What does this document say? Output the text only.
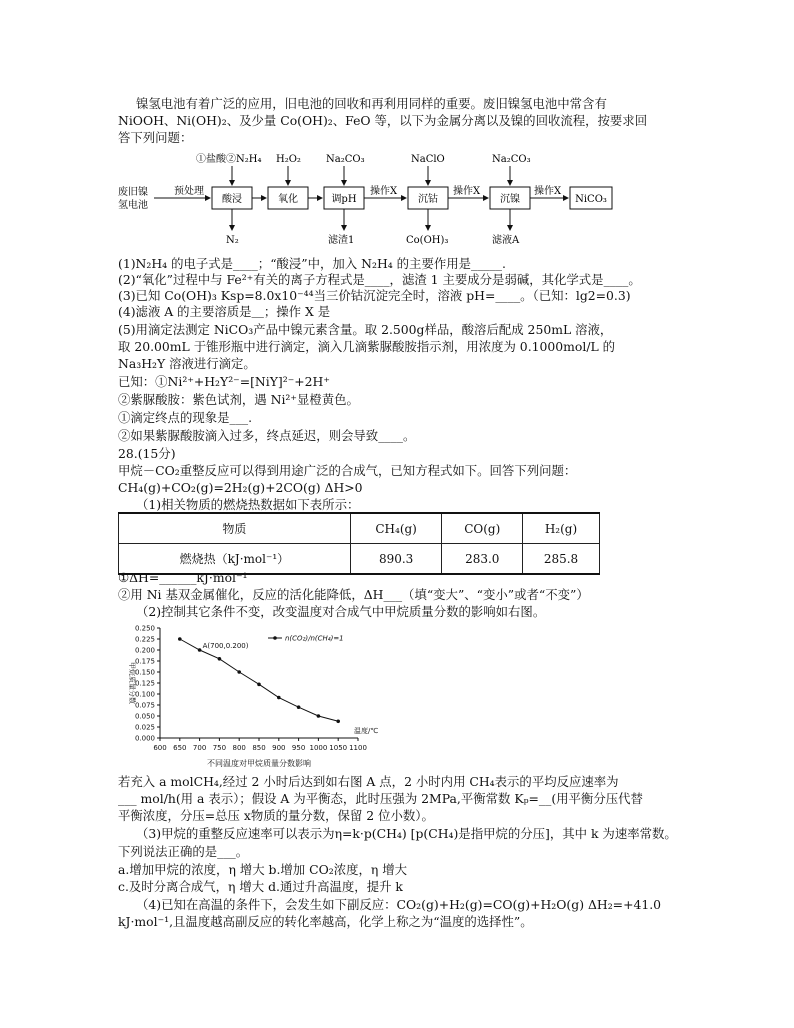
镍氢电池有着广泛的应用，旧电池的回收和再利用同样的重要。废旧镍氢电池中常含有
NiOOH、Ni(OH)₂、及少量 Co(OH)₂、FeO 等，以下为金属分离以及镍的回收流程，按要求回
答下列问题：
废旧镍
氢电池
预处理
酸浸	氧化	调pH
操作X
沉钴
操作X
沉镍
操作X
NiCO₃
①盐酸②N₂H₄ H₂O₂	Na₂CO₃	NaClO	Na₂CO₃
N₂	滤渣1	Co(OH)₃	滤液A
(1)N₂H₄ 的电子式是____；“酸浸”中，加入 N₂H₄ 的主要作用是_____.
(2)“氧化”过程中与 Fe²⁺有关的离子方程式是____，滤渣 1 主要成分是弱碱，其化学式是____。
(3)已知 Co(OH)₃ Ksp=8.0x10⁻⁴⁴当三价钴沉淀完全时，溶液 pH=____。（已知：lg2=0.3)
(4)滤液 A 的主要溶质是＿；操作 X 是
(5)用滴定法测定 NiCO₃产品中镍元素含量。取 2.500g样品，酸溶后配成 250mL 溶液，
取 20.00mL 于锥形瓶中进行滴定，滴入几滴紫脲酸胺指示剂，用浓度为 0.1000mol/L 的
Na₃H₂Y 溶液进行滴定。
已知：①Ni²⁺+H₂Y²⁻=[NiY]²⁻+2H⁺
②紫脲酸胺：紫色试剂，遇 Ni²⁺显橙黄色。
①滴定终点的现象是___.
②如果紫脲酸胺滴入过多，终点延迟，则会导致____。
28.(15分)
甲烷－CO₂重整反应可以得到用途广泛的合成气，已知方程式如下。回答下列问题：
CH₄(g)+CO₂(g)=2H₂(g)+2CO(g) ΔH>0
（1)相关物质的燃烧热数据如下表所示：
物质	CH₄(g)	CO(g)	H₂(g)
燃烧热（kJ·mol⁻¹）	890.3	283.0	285.8
①ΔH=______kJ·mol⁻¹
②用 Ni 基双金属催化，反应的活化能降低，ΔH___（填“变大”、“变小”或者“不变”）
（2)控制其它条件不变，改变温度对合成气中甲烷质量分数的影响如右图。
0.000
0.025
0.050
0.075
0.100
0.125
0.150
0.175
0.200
0.225
0.250
600 650 700 750 800 850 900 950 1000 1050 1100
甲烷质量分数
温度/℃
不同温度对甲烷质量分数影响
n(CO₂)/n(CH₄)=1
A(700,0.200)
若充入 a molCH₄,经过 2 小时后达到如右图 A 点，2 小时内用 CH₄表示的平均反应速率为
___ mol/h(用 a 表示）；假设 A 为平衡态，此时压强为 2MPa,平衡常数 Kₚ=__(用平衡分压代替
平衡浓度，分压=总压 x物质的量分数，保留 2 位小数）。
（3)甲烷的重整反应速率可以表示为η=k·p(CH₄) [p(CH₄)是指甲烷的分压]，其中 k 为速率常数。
下列说法正确的是___。
a.增加甲烷的浓度，η 增大 b.增加 CO₂浓度，η 增大
c.及时分离合成气，η 增大 d.通过升高温度，提升 k
（4)已知在高温的条件下，会发生如下副反应：CO₂(g)+H₂(g)=CO(g)+H₂O(g) ΔH₂=+41.0
kJ·mol⁻¹,且温度越高副反应的转化率越高，化学上称之为“温度的选择性”。
